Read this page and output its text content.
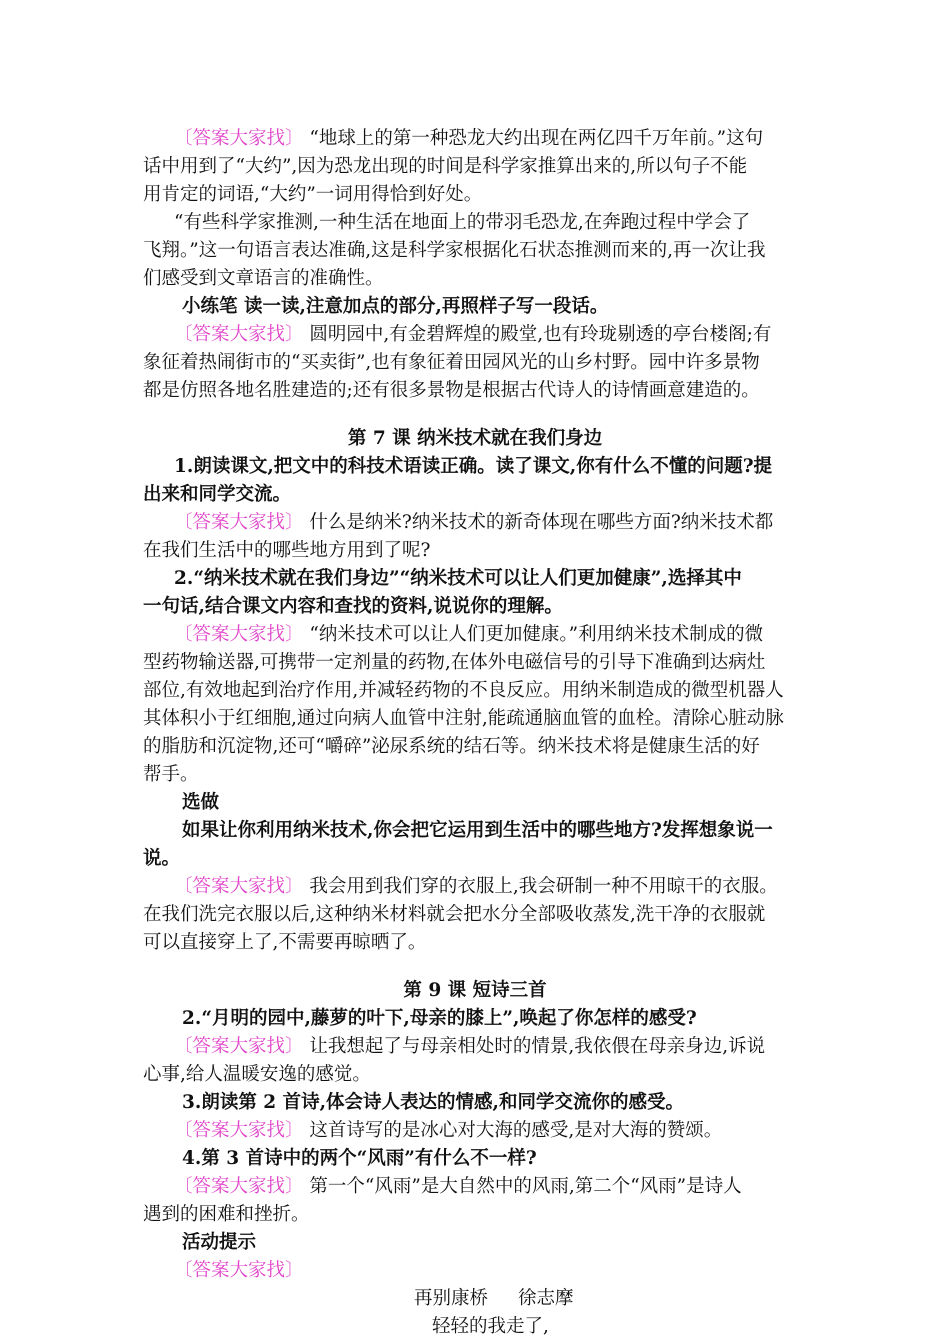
〔答案大家找〕 “地球上的第一种恐龙大约出现在两亿四千万年前。”这句
话中用到了“大约”,因为恐龙出现的时间是科学家推算出来的,所以句子不能
用肯定的词语,“大约”一词用得恰到好处。
“有些科学家推测,一种生活在地面上的带羽毛恐龙,在奔跑过程中学会了
飞翔。”这一句语言表达准确,这是科学家根据化石状态推测而来的,再一次让我
们感受到文章语言的准确性。
小练笔 读一读,注意加点的部分,再照样子写一段话。
〔答案大家找〕 圆明园中,有金碧辉煌的殿堂,也有玲珑剔透的亭台楼阁;有
象征着热闹街市的“买卖街”,也有象征着田园风光的山乡村野。园中许多景物
都是仿照各地名胜建造的;还有很多景物是根据古代诗人的诗情画意建造的。
第 7 课 纳米技术就在我们身边
1.朗读课文,把文中的科技术语读正确。读了课文,你有什么不懂的问题?提
出来和同学交流。
〔答案大家找〕 什么是纳米?纳米技术的新奇体现在哪些方面?纳米技术都
在我们生活中的哪些地方用到了呢?
2.“纳米技术就在我们身边”“纳米技术可以让人们更加健康”,选择其中
一句话,结合课文内容和查找的资料,说说你的理解。
〔答案大家找〕 “纳米技术可以让人们更加健康。”利用纳米技术制成的微
型药物输送器,可携带一定剂量的药物,在体外电磁信号的引导下准确到达病灶
部位,有效地起到治疗作用,并减轻药物的不良反应。用纳米制造成的微型机器人
其体积小于红细胞,通过向病人血管中注射,能疏通脑血管的血栓。清除心脏动脉
的脂肪和沉淀物,还可“嚼碎”泌尿系统的结石等。纳米技术将是健康生活的好
帮手。
选做
如果让你利用纳米技术,你会把它运用到生活中的哪些地方?发挥想象说一
说。
〔答案大家找〕 我会用到我们穿的衣服上,我会研制一种不用晾干的衣服。
在我们洗完衣服以后,这种纳米材料就会把水分全部吸收蒸发,洗干净的衣服就
可以直接穿上了,不需要再晾晒了。
第 9 课 短诗三首
2.“月明的园中,藤萝的叶下,母亲的膝上”,唤起了你怎样的感受?
〔答案大家找〕 让我想起了与母亲相处时的情景,我依偎在母亲身边,诉说
心事,给人温暖安逸的感觉。
3.朗读第 2 首诗,体会诗人表达的情感,和同学交流你的感受。
〔答案大家找〕 这首诗写的是冰心对大海的感受,是对大海的赞颂。
4.第 3 首诗中的两个“风雨”有什么不一样?
〔答案大家找〕 第一个“风雨”是大自然中的风雨,第二个“风雨”是诗人
遇到的困难和挫折。
活动提示
〔答案大家找〕
再别康桥 徐志摩
轻轻的我走了,
